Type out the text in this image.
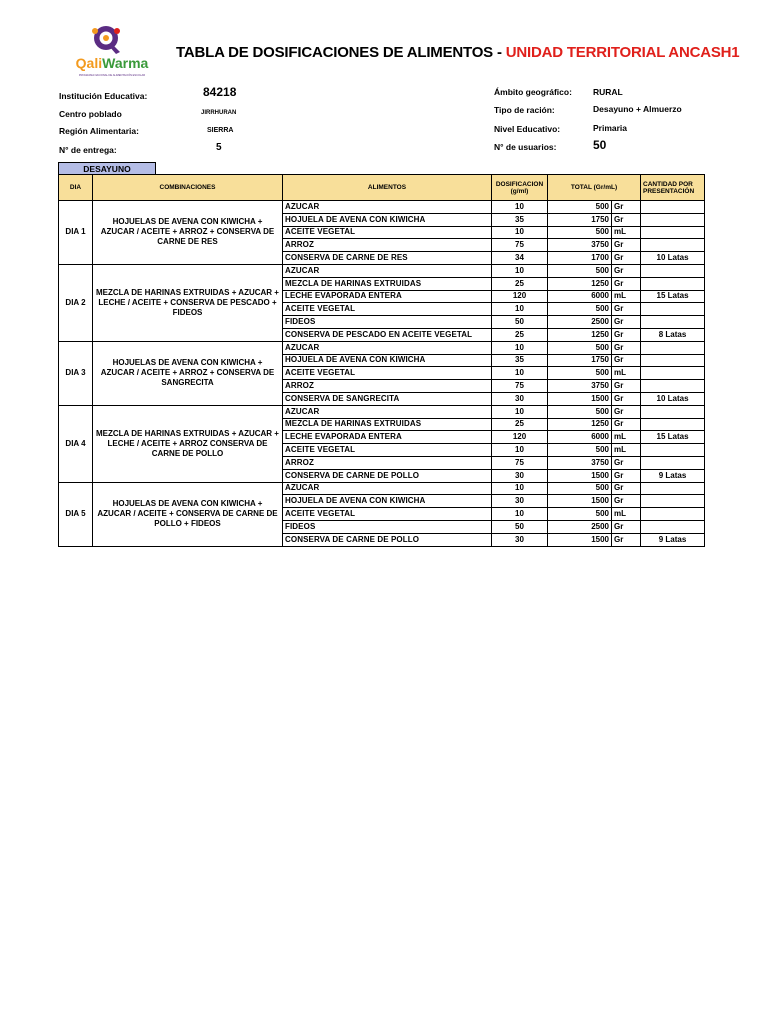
QaliWarma
PROGRAMA NACIONAL DE ALIMENTACIÓN ESCOLAR
TABLA DE DOSIFICACIONES DE ALIMENTOS - UNIDAD TERRITORIAL ANCASH1
Institución Educativa:	84218
Centro poblado	JIRRHURAN
Región Alimentaria:	SIERRA
N° de entrega:	5
Ámbito geográfico: RURAL
Tipo de ración:	Desayuno + Almuerzo
Nivel Educativo:	Primaria
N° de usuarios:	50
DESAYUNO
DIA	COMBINACIONES	ALIMENTOS	DOSIFICACION (g/ml)	TOTAL (Gr/mL)		CANTIDAD POR PRESENTACIÓN
DIA 1	HOJUELAS DE AVENA CON KIWICHA + AZUCAR / ACEITE + ARROZ + CONSERVA DE CARNE DE RES	AZUCAR	10	500	Gr	
		HOJUELA DE AVENA CON KIWICHA	35	1750	Gr	
		ACEITE VEGETAL	10	500	mL	
		ARROZ	75	3750	Gr	
		CONSERVA DE CARNE DE RES	34	1700	Gr	10 Latas
DIA 2	MEZCLA DE HARINAS EXTRUIDAS + AZUCAR + LECHE / ACEITE + CONSERVA DE PESCADO + FIDEOS	AZUCAR	10	500	Gr	
		MEZCLA DE HARINAS EXTRUIDAS	25	1250	Gr	
		LECHE EVAPORADA ENTERA	120	6000	mL	15 Latas
		ACEITE VEGETAL	10	500	Gr	
		FIDEOS	50	2500	Gr	
		CONSERVA DE PESCADO EN ACEITE VEGETAL	25	1250	Gr	8 Latas
DIA 3	HOJUELAS DE AVENA CON KIWICHA + AZUCAR / ACEITE + ARROZ + CONSERVA DE SANGRECITA	AZUCAR	10	500	Gr	
		HOJUELA DE AVENA CON KIWICHA	35	1750	Gr	
		ACEITE VEGETAL	10	500	mL	
		ARROZ	75	3750	Gr	
		CONSERVA DE SANGRECITA	30	1500	Gr	10 Latas
DIA 4	MEZCLA DE HARINAS EXTRUIDAS + AZUCAR + LECHE / ACEITE + ARROZ CONSERVA DE CARNE DE POLLO	AZUCAR	10	500	Gr	
		MEZCLA DE HARINAS EXTRUIDAS	25	1250	Gr	
		LECHE EVAPORADA ENTERA	120	6000	mL	15 Latas
		ACEITE VEGETAL	10	500	mL	
		ARROZ	75	3750	Gr	
		CONSERVA DE CARNE DE POLLO	30	1500	Gr	9 Latas
DIA 5	HOJUELAS DE AVENA CON KIWICHA + AZUCAR / ACEITE + CONSERVA DE CARNE DE POLLO + FIDEOS	AZUCAR	10	500	Gr	
		HOJUELA DE AVENA CON KIWICHA	30	1500	Gr	
		ACEITE VEGETAL	10	500	mL	
		FIDEOS	50	2500	Gr	
		CONSERVA DE CARNE DE POLLO	30	1500	Gr	9 Latas
